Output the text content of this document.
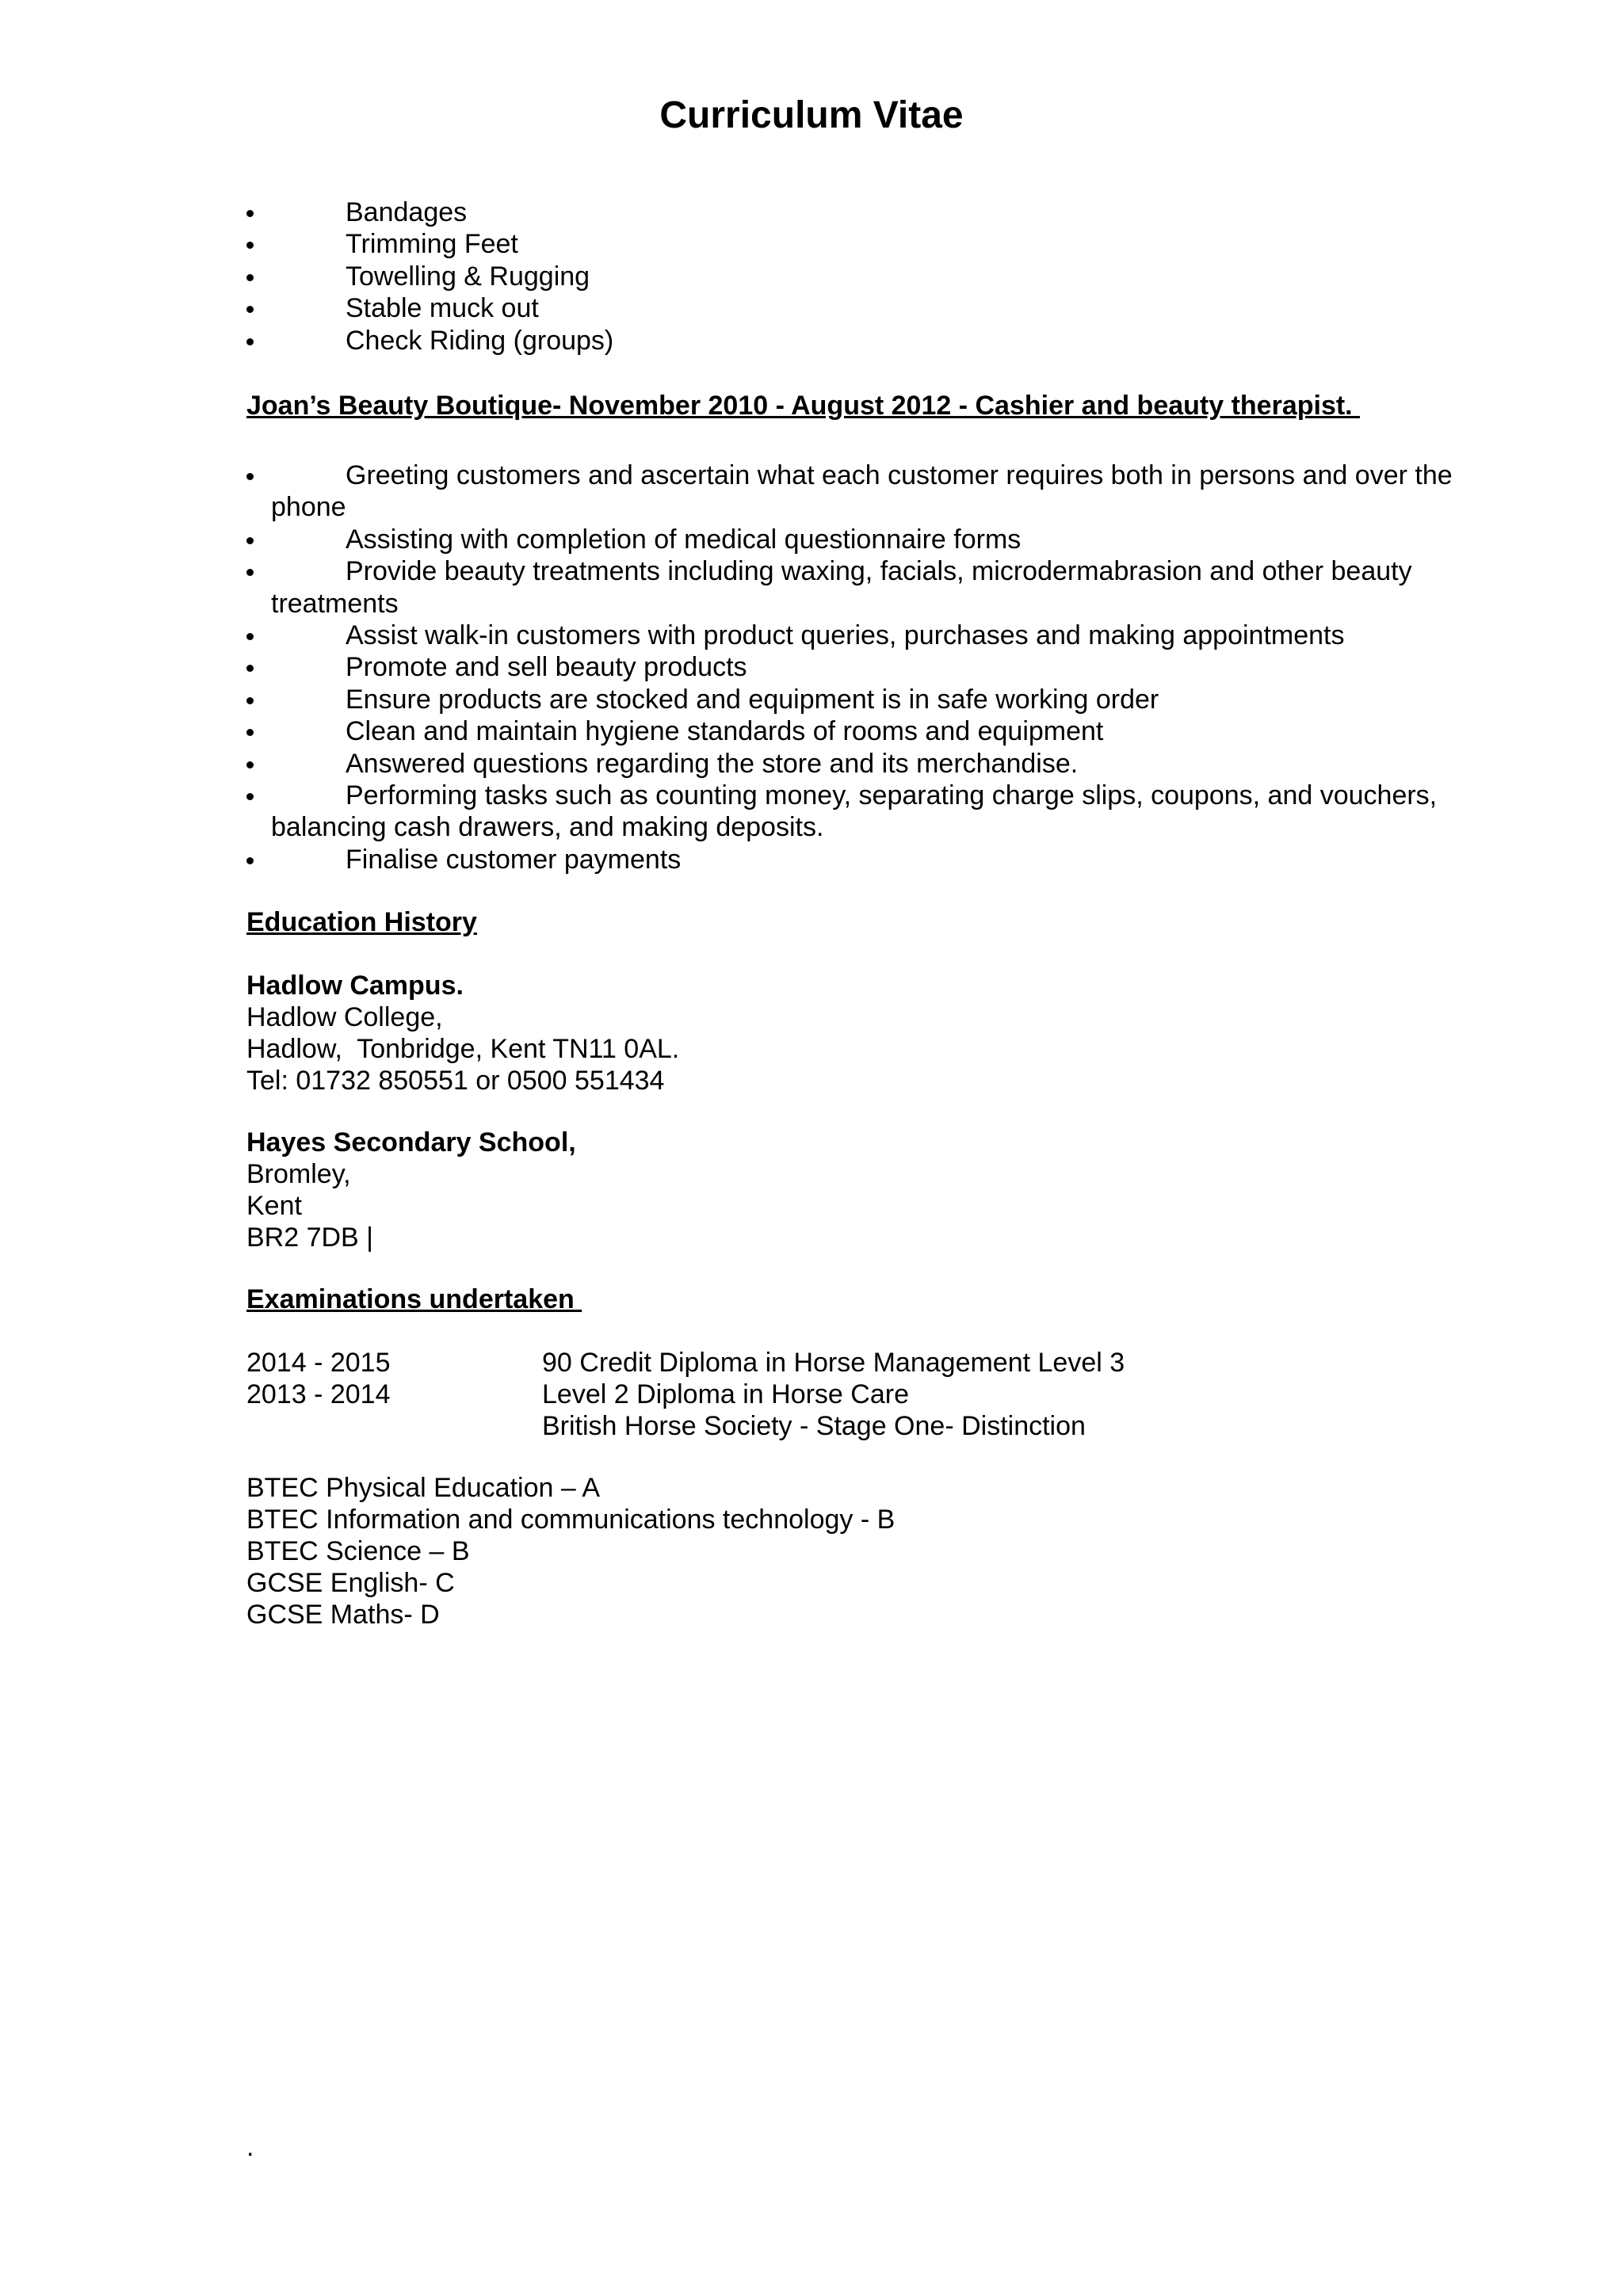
Curriculum Vitae
Bandages
Trimming Feet
Towelling & Rugging
Stable muck out
Check Riding (groups)

Joan’s Beauty Boutique- November 2010 - August 2012 - Cashier and beauty therapist.

Greeting customers and ascertain what each customer requires both in persons and over the phone
Assisting with completion of medical questionnaire forms
Provide beauty treatments including waxing, facials, microdermabrasion and other beauty treatments
Assist walk-in customers with product queries, purchases and making appointments
Promote and sell beauty products
Ensure products are stocked and equipment is in safe working order
Clean and maintain hygiene standards of rooms and equipment
Answered questions regarding the store and its merchandise.
Performing tasks such as counting money, separating charge slips, coupons, and vouchers, balancing cash drawers, and making deposits.
Finalise customer payments

Education History

Hadlow Campus.
Hadlow College,
Hadlow,  Tonbridge, Kent TN11 0AL.
Tel: 01732 850551 or 0500 551434
Hayes Secondary School,
Bromley,
Kent
BR2 7DB |

Examinations undertaken

2014 - 2015	90 Credit Diploma in Horse Management Level 3
2013 - 2014	Level 2 Diploma in Horse Care
	British Horse Society - Stage One- Distinction
BTEC Physical Education – A
BTEC Information and communications technology - B
BTEC Science – B
GCSE English- C
GCSE Maths- D

.
